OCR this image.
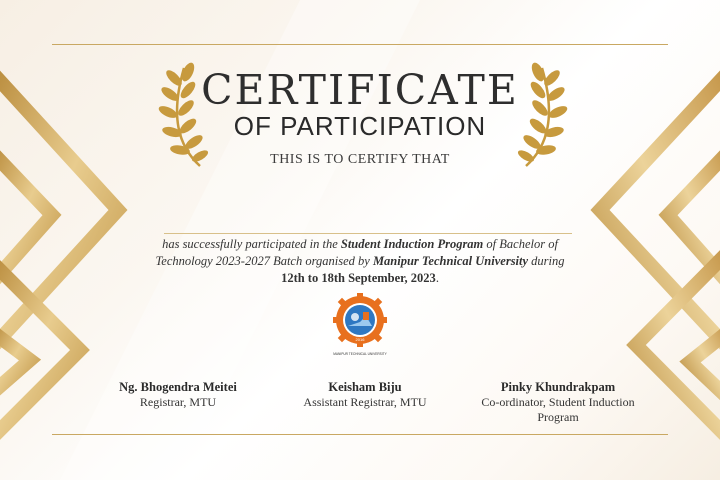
CERTIFICATE
OF PARTICIPATION
THIS IS TO CERTIFY THAT
has successfully participated in the Student Induction Program of Bachelor of Technology 2023-2027 Batch organised by Manipur Technical University during
12th to 18th September, 2023.
2016
MANIPUR TECHNICAL UNIVERSITY
Ng. Bhogendra Meitei
Registrar, MTU
Keisham Biju
Assistant Registrar, MTU
Pinky Khundrakpam
Co-ordinator, Student Induction Program
